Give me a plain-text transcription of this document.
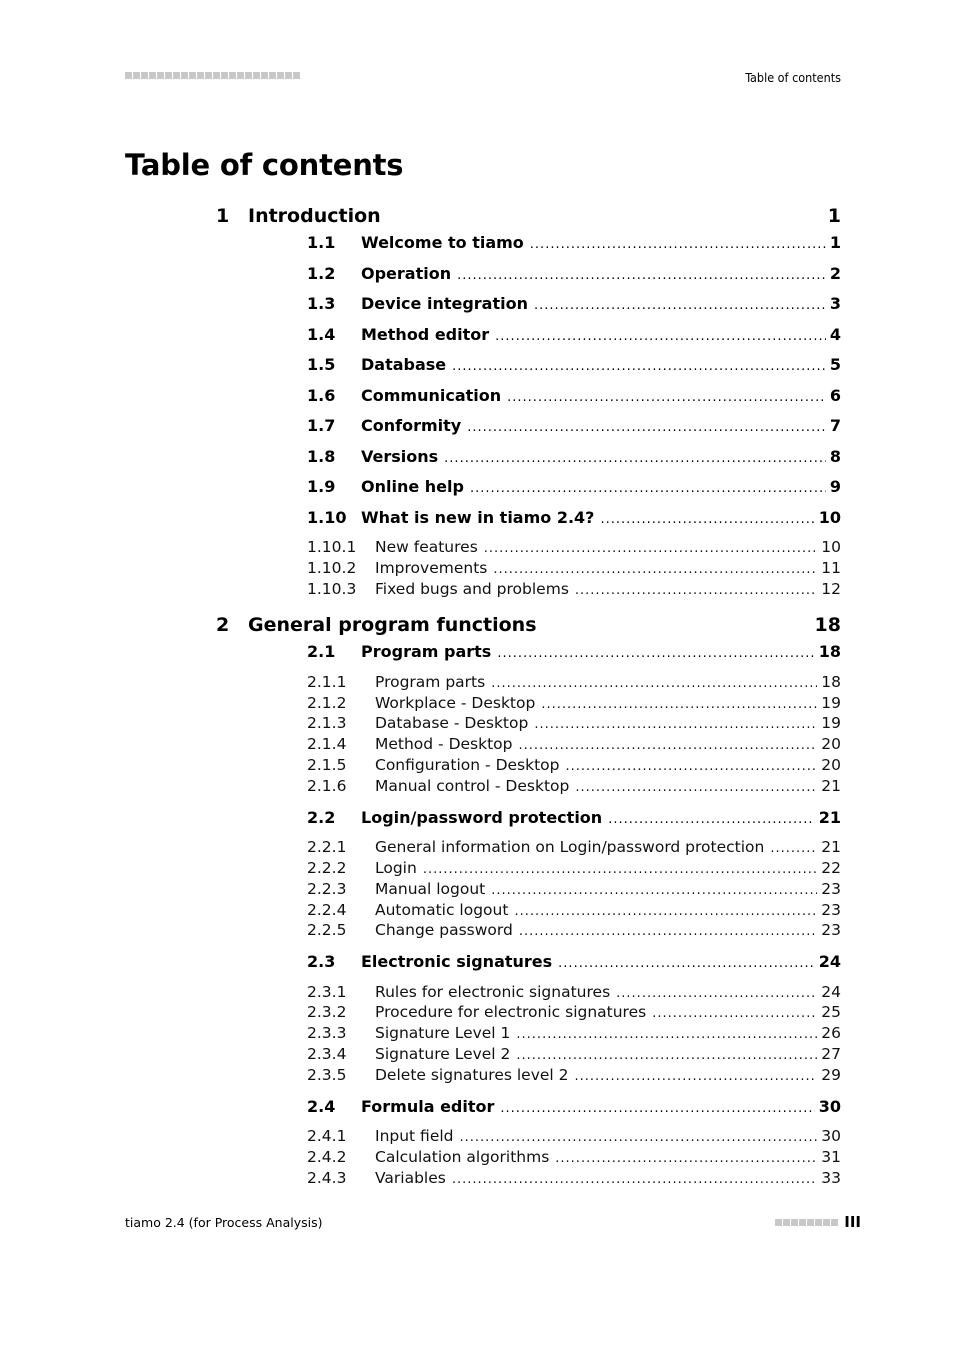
Table of contents
Table of contents
1 Introduction	1
1.1	Welcome to tiamo .....	1
1.2	Operation .....	2
1.3	Device integration .....	3
1.4	Method editor .....	4
1.5	Database .....	5
1.6	Communication .....	6
1.7	Conformity .....	7
1.8	Versions .....	8
1.9	Online help .....	9
1.10 What is new in tiamo 2.4? .....	10
1.10.1	New features .....	10
1.10.2	Improvements .....	11
1.10.3	Fixed bugs and problems .....	12
2 General program functions	18
2.1	Program parts .....	18
2.1.1	Program parts .....	18
2.1.2	Workplace - Desktop .....	19
2.1.3	Database - Desktop .....	19
2.1.4	Method - Desktop .....	20
2.1.5	Configuration - Desktop .....	20
2.1.6	Manual control - Desktop .....	21
2.2	Login/password protection .....	21
2.2.1	General information on Login/password protection .....	21
2.2.2	Login .....	22
2.2.3	Manual logout .....	23
2.2.4	Automatic logout .....	23
2.2.5	Change password .....	23
2.3	Electronic signatures .....	24
2.3.1	Rules for electronic signatures .....	24
2.3.2	Procedure for electronic signatures .....	25
2.3.3	Signature Level 1 .....	26
2.3.4	Signature Level 2 .....	27
2.3.5	Delete signatures level 2 .....	29
2.4	Formula editor .....	30
2.4.1	Input field .....	30
2.4.2	Calculation algorithms .....	31
2.4.3	Variables .....	33
tiamo 2.4 (for Process Analysis)	III
